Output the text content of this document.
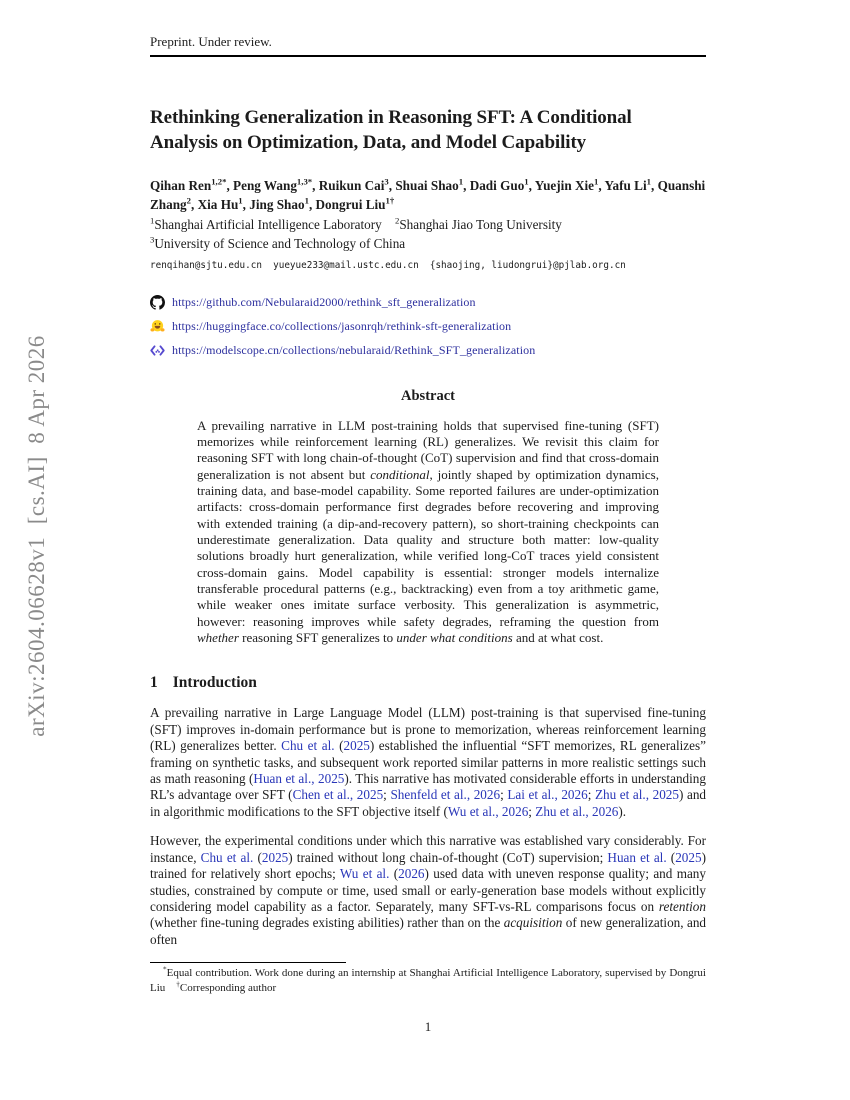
arXiv:2604.06628v1  [cs.AI]  8 Apr 2026
Preprint. Under review.
Rethinking Generalization in Reasoning SFT: A Conditional
Analysis on Optimization, Data, and Model Capability
Qihan Ren$^{1,2*}$, Peng Wang$^{1,3*}$, Ruikun Cai$^3$, Shuai Shao$^1$, Dadi Guo$^1$, Yuejin Xie$^1$, Yafu Li$^1$, Quanshi Zhang$^2$, Xia Hu$^1$, Jing Shao$^1$, Dongrui Liu$^{1\dagger}$
$^1$Shanghai Artificial Intelligence Laboratory $^2$Shanghai Jiao Tong University
$^3$University of Science and Technology of China
renqihan@sjtu.edu.cn  yueyue233@mail.ustc.edu.cn  {shaojing, liudongrui}@pjlab.org.cn
https://github.com/Nebularaid2000/rethink_sft_generalization
https://huggingface.co/collections/jasonrqh/rethink-sft-generalization
https://modelscope.cn/collections/nebularaid/Rethink_SFT_generalization
Abstract

A prevailing narrative in LLM post-training holds that supervised fine-tuning (SFT) memorizes while reinforcement learning (RL) generalizes. We revisit this claim for reasoning SFT with long chain-of-thought (CoT) supervision and find that cross-domain generalization is not absent but conditional, jointly shaped by optimization dynamics, training data, and base-model capability. Some reported failures are under-optimization artifacts: cross-domain performance first degrades before recovering and improving with extended training (a dip-and-recovery pattern), so short-training checkpoints can underestimate generalization. Data quality and structure both matter: low-quality solutions broadly hurt generalization, while verified long-CoT traces yield consistent cross-domain gains. Model capability is essential: stronger models internalize transferable procedural patterns (e.g., backtracking) even from a toy arithmetic game, while weaker ones imitate surface verbosity. This generalization is asymmetric, however: reasoning improves while safety degrades, reframing the question from whether reasoning SFT generalizes to under what conditions and at what cost.

1 Introduction

A prevailing narrative in Large Language Model (LLM) post-training is that supervised fine-tuning (SFT) improves in-domain performance but is prone to memorization, whereas reinforcement learning (RL) generalizes better. Chu et al. (2025) established the influential “SFT memorizes, RL generalizes” framing on synthetic tasks, and subsequent work reported similar patterns in more realistic settings such as math reasoning (Huan et al., 2025). This narrative has motivated considerable efforts in understanding RL’s advantage over SFT (Chen et al., 2025; Shenfeld et al., 2026; Lai et al., 2026; Zhu et al., 2025) and in algorithmic modifications to the SFT objective itself (Wu et al., 2026; Zhu et al., 2026).

However, the experimental conditions under which this narrative was established vary considerably. For instance, Chu et al. (2025) trained without long chain-of-thought (CoT) supervision; Huan et al. (2025) trained for relatively short epochs; Wu et al. (2026) used data with uneven response quality; and many studies, constrained by compute or time, used small or early-generation base models without explicitly considering model capability as a factor. Separately, many SFT-vs-RL comparisons focus on retention (whether fine-tuning degrades existing abilities) rather than on the acquisition of new generalization, and often

*Equal contribution. Work done during an internship at Shanghai Artificial Intelligence Laboratory, supervised by Dongrui Liu  †Corresponding author

1
